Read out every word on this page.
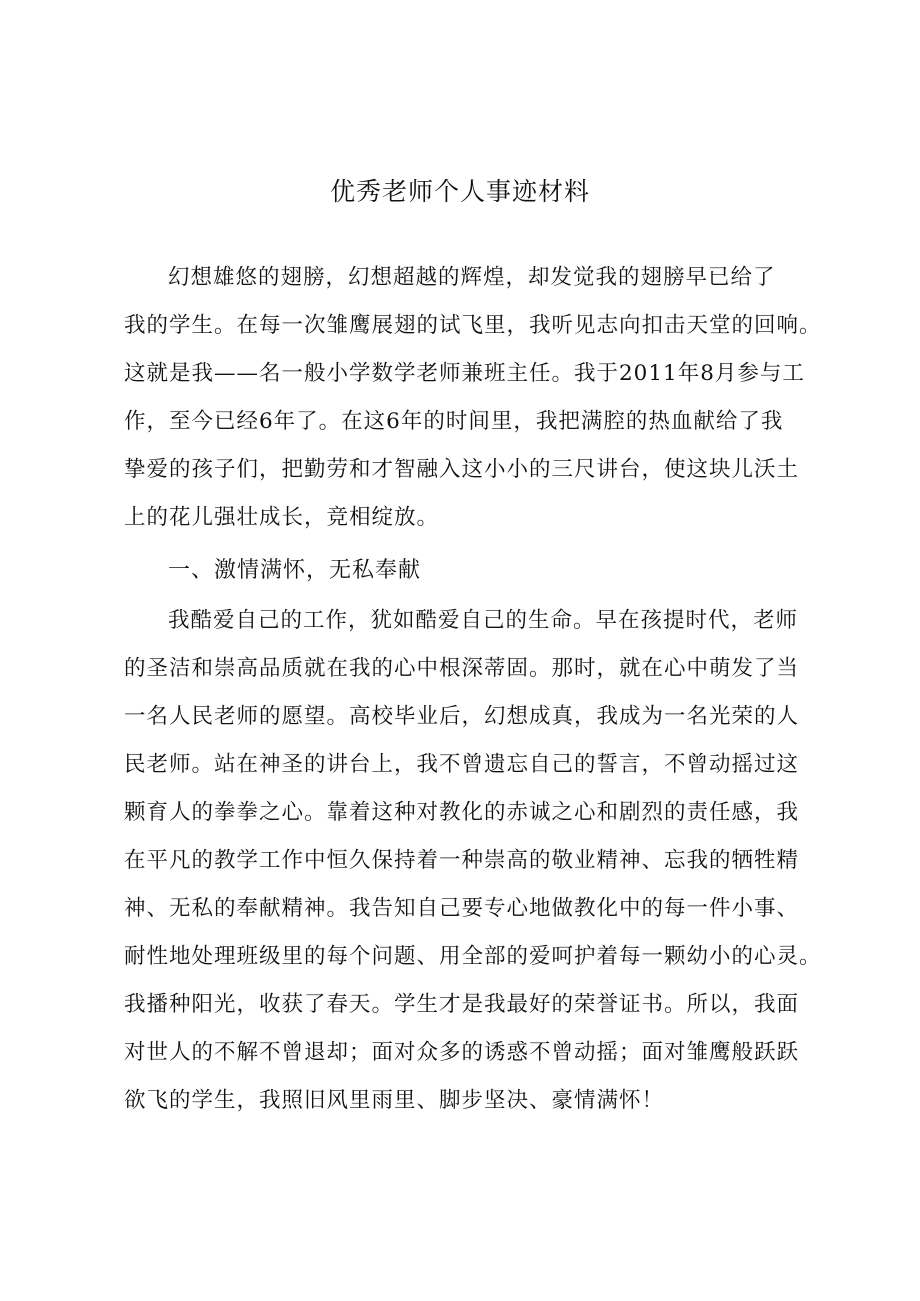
优秀老师个人事迹材料
幻想雄悠的翅膀，幻想超越的辉煌，却发觉我的翅膀早已给了
我的学生。在每一次雏鹰展翅的试飞里，我听见志向扣击天堂的回响。
这就是我——名一般小学数学老师兼班主任。我于2011年8月参与工
作，至今已经6年了。在这6年的时间里，我把满腔的热血献给了我
挚爱的孩子们，把勤劳和才智融入这小小的三尺讲台，使这块儿沃土
上的花儿强壮成长，竞相绽放。
一、激情满怀，无私奉献
我酷爱自己的工作，犹如酷爱自己的生命。早在孩提时代，老师
的圣洁和崇高品质就在我的心中根深蒂固。那时，就在心中萌发了当
一名人民老师的愿望。高校毕业后，幻想成真，我成为一名光荣的人
民老师。站在神圣的讲台上，我不曾遗忘自己的誓言，不曾动摇过这
颗育人的拳拳之心。靠着这种对教化的赤诚之心和剧烈的责任感，我
在平凡的教学工作中恒久保持着一种崇高的敬业精神、忘我的牺牲精
神、无私的奉献精神。我告知自己要专心地做教化中的每一件小事、
耐性地处理班级里的每个问题、用全部的爱呵护着每一颗幼小的心灵。
我播种阳光，收获了春天。学生才是我最好的荣誉证书。所以，我面
对世人的不解不曾退却；面对众多的诱惑不曾动摇；面对雏鹰般跃跃
欲飞的学生，我照旧风里雨里、脚步坚决、豪情满怀！
